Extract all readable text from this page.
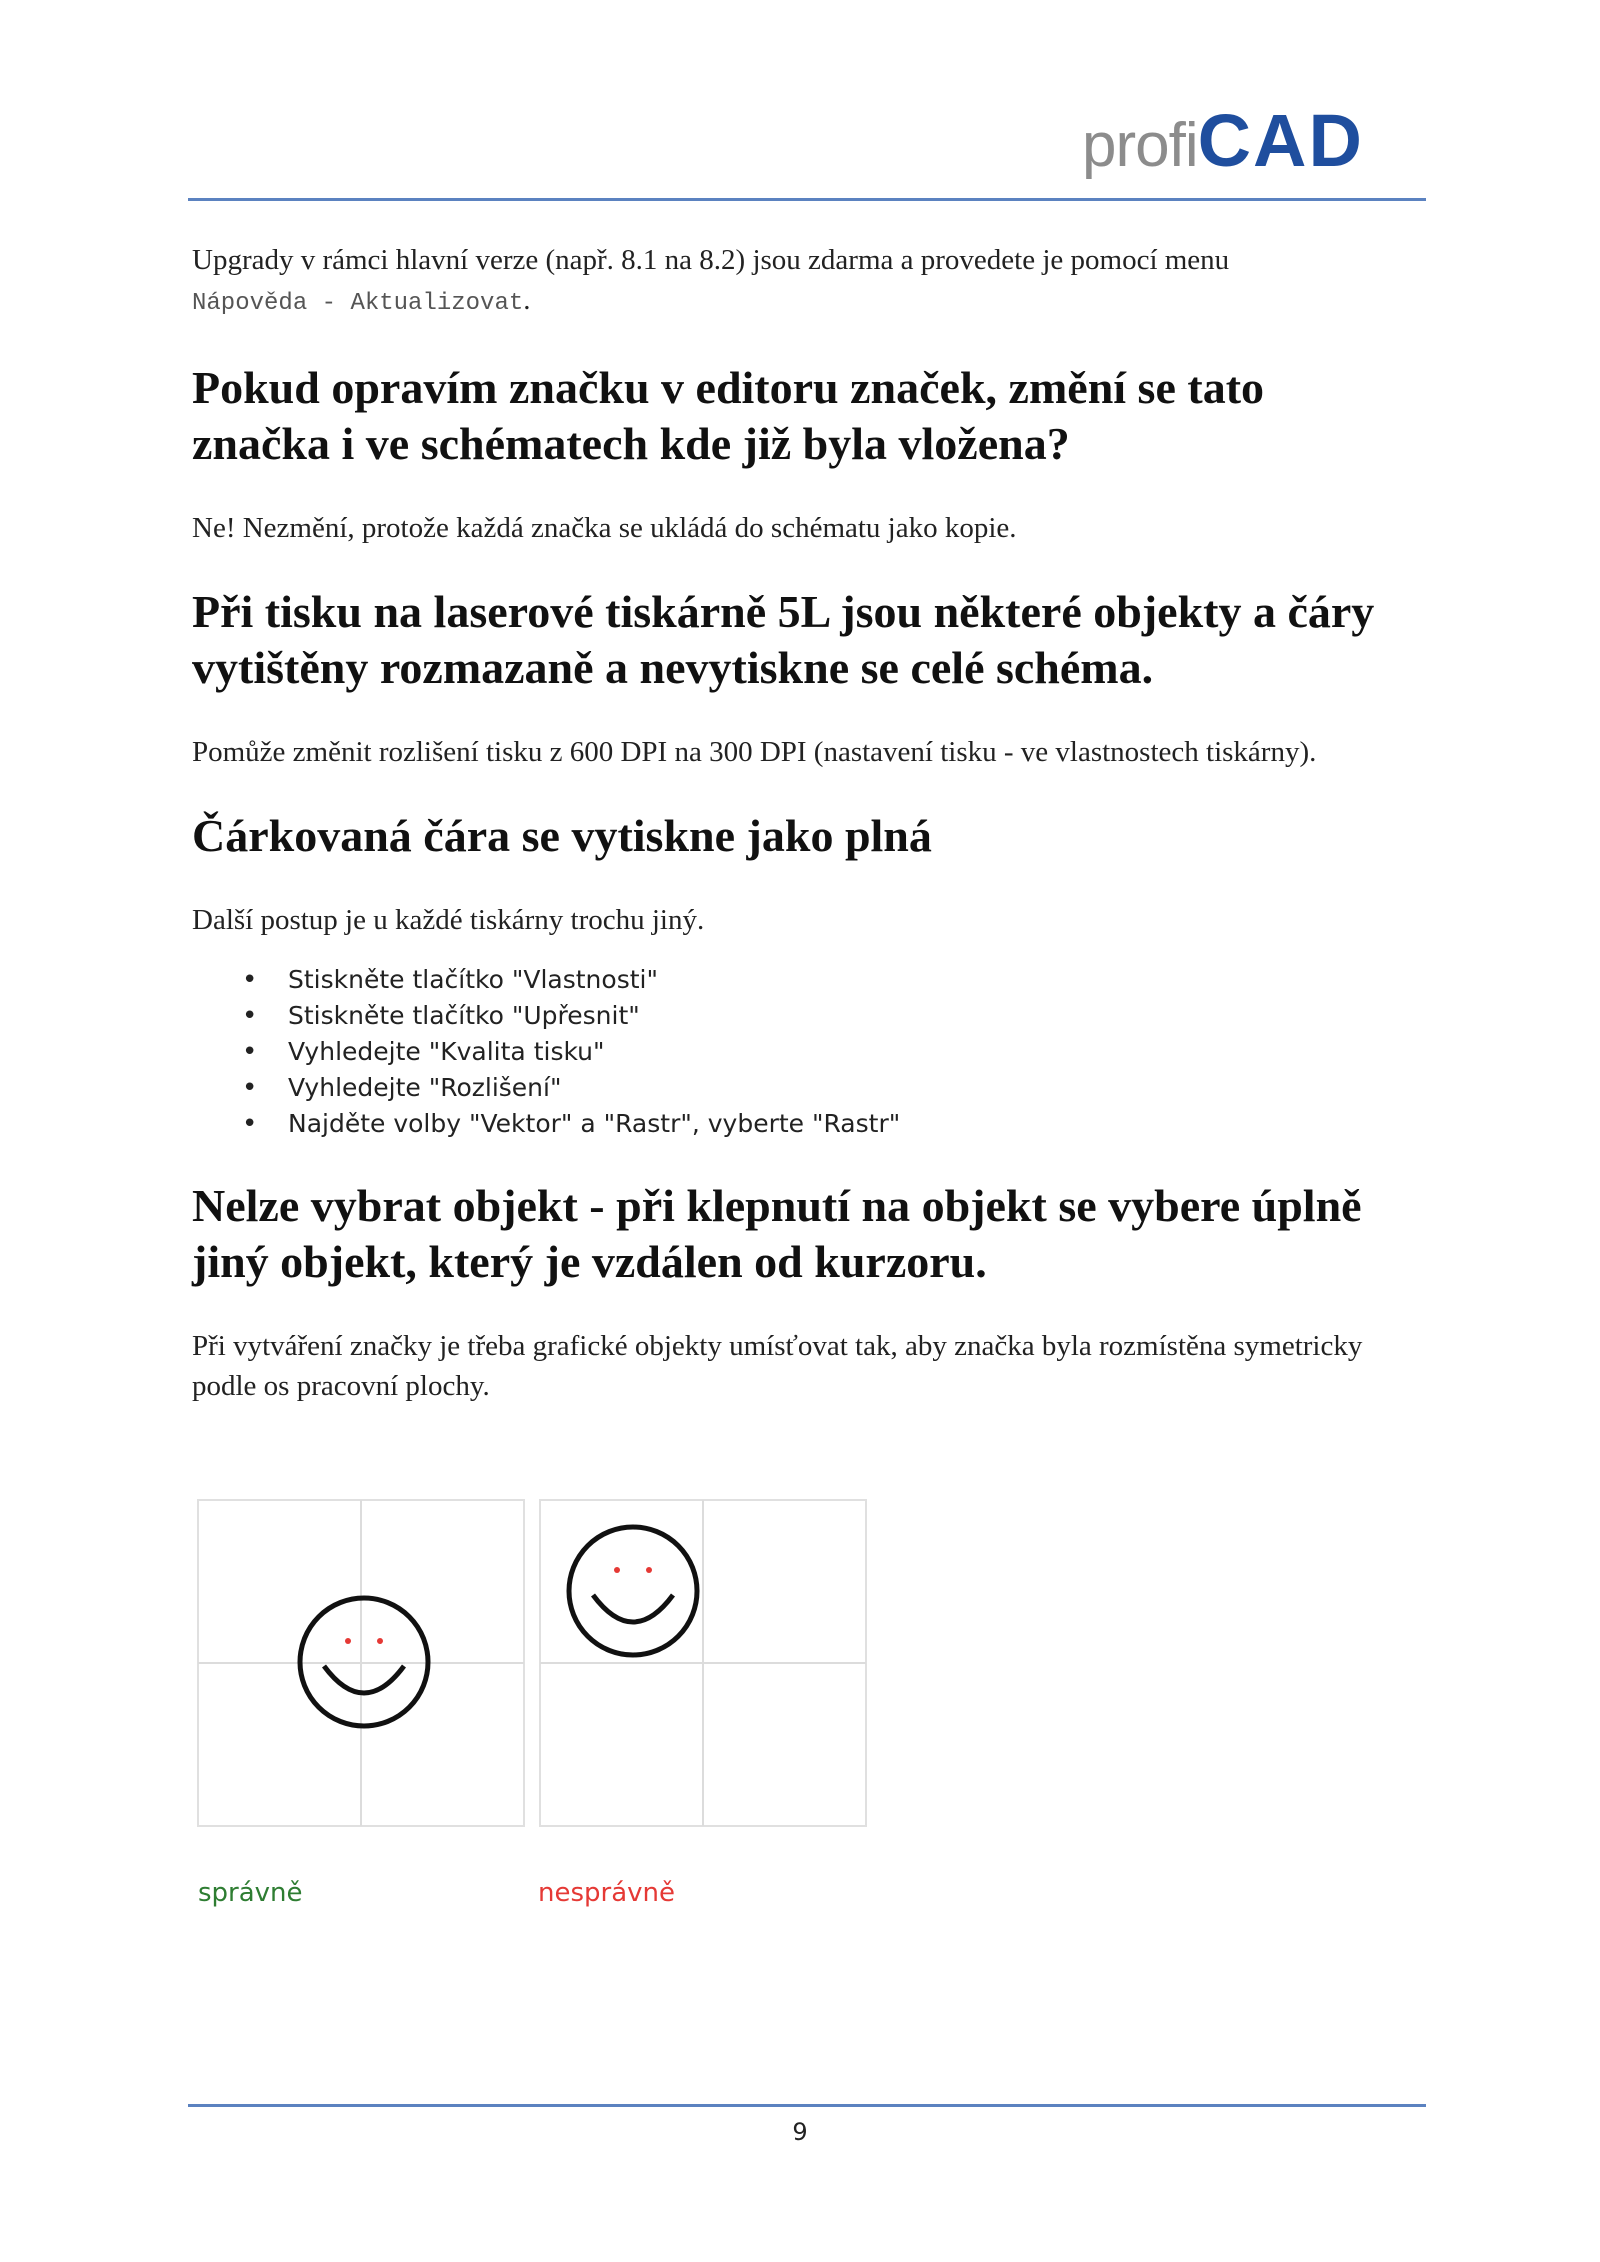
profiCAD

Upgrady v rámci hlavní verze (např. 8.1 na 8.2) jsou zdarma a provedete je pomocí menu
Nápověda - Aktualizovat.

Pokud opravím značku v editoru značek, změní se tato značka i ve schématech kde již byla vložena?

Ne! Nezmění, protože každá značka se ukládá do schématu jako kopie.

Při tisku na laserové tiskárně 5L jsou některé objekty a čáry vytištěny rozmazaně a nevytiskne se celé schéma.

Pomůže změnit rozlišení tisku z 600 DPI na 300 DPI (nastavení tisku - ve vlastnostech tiskárny).

Čárkovaná čára se vytiskne jako plná

Další postup je u každé tiskárny trochu jiný.

• Stiskněte tlačítko "Vlastnosti"
• Stiskněte tlačítko "Upřesnit"
• Vyhledejte "Kvalita tisku"
• Vyhledejte "Rozlišení"
• Najděte volby "Vektor" a "Rastr", vyberte "Rastr"
Nelze vybrat objekt - při klepnutí na objekt se vybere úplně jiný objekt, který je vzdálen od kurzoru.

Při vytváření značky je třeba grafické objekty umísťovat tak, aby značka byla rozmístěna symetricky podle os pracovní plochy.

správně	nesprávně
9
